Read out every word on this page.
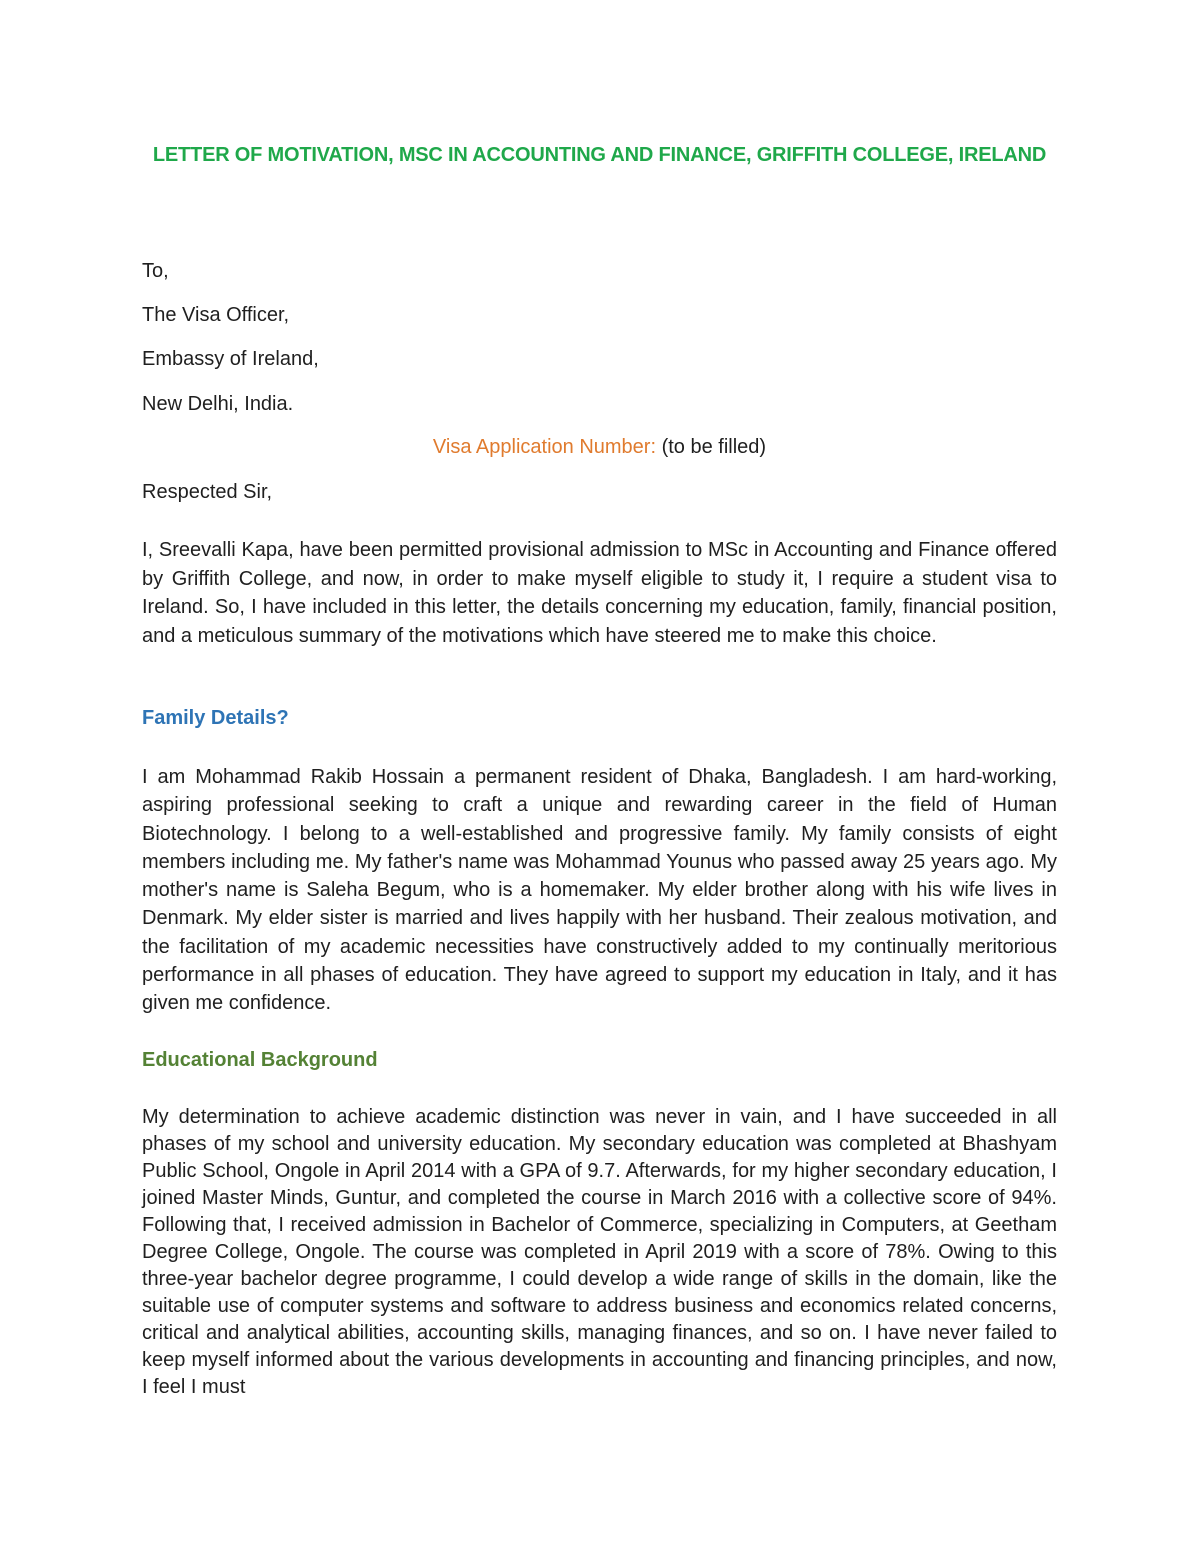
LETTER OF MOTIVATION, MSC IN ACCOUNTING AND FINANCE, GRIFFITH COLLEGE, IRELAND
To,
The Visa Officer,
Embassy of Ireland,
New Delhi, India.
Visa Application Number: (to be filled)
Respected Sir,
I, Sreevalli Kapa, have been permitted provisional admission to MSc in Accounting and Finance offered by Griffith College, and now, in order to make myself eligible to study it, I require a student visa to Ireland. So, I have included in this letter, the details concerning my education, family, financial position, and a meticulous summary of the motivations which have steered me to make this choice.
Family Details?
I am Mohammad Rakib Hossain a permanent resident of Dhaka, Bangladesh. I am hard-working, aspiring professional seeking to craft a unique and rewarding career in the field of Human Biotechnology. I belong to a well-established and progressive family. My family consists of eight members including me. My father's name was Mohammad Younus who passed away 25 years ago. My mother's name is Saleha Begum, who is a homemaker. My elder brother along with his wife lives in Denmark. My elder sister is married and lives happily with her husband. Their zealous motivation, and the facilitation of my academic necessities have constructively added to my continually meritorious performance in all phases of education. They have agreed to support my education in Italy, and it has given me confidence.
Educational Background
My determination to achieve academic distinction was never in vain, and I have succeeded in all phases of my school and university education. My secondary education was completed at Bhashyam Public School, Ongole in April 2014 with a GPA of 9.7. Afterwards, for my higher secondary education, I joined Master Minds, Guntur, and completed the course in March 2016 with a collective score of 94%. Following that, I received admission in Bachelor of Commerce, specializing in Computers, at Geetham Degree College, Ongole. The course was completed in April 2019 with a score of 78%. Owing to this three-year bachelor degree programme, I could develop a wide range of skills in the domain, like the suitable use of computer systems and software to address business and economics related concerns, critical and analytical abilities, accounting skills, managing finances, and so on. I have never failed to keep myself informed about the various developments in accounting and financing principles, and now, I feel I must
